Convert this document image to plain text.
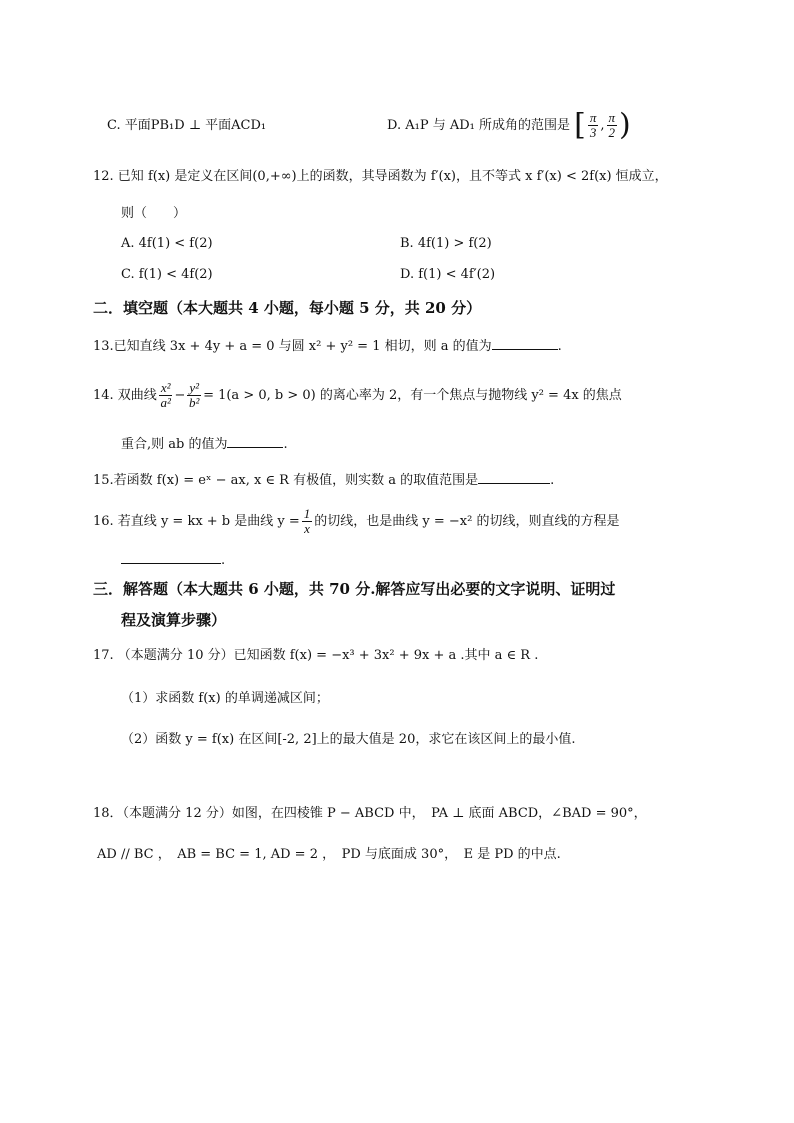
C. 平面PB₁D ⊥ 平面ACD₁	D. A₁P 与 AD₁ 所成角的范围是 [ $\frac{\pi}{3}$ , $\frac{\pi}{2}$ )
12. 已知 f(x) 是定义在区间(0,+∞)上的函数，其导函数为 f′(x)，且不等式 x f′(x) < 2f(x) 恒成立，
则（　　）
A. 4f(1) < f(2)	B. 4f(1) > f(2)
C. f(1) < 4f(2)	D. f(1) < 4f′(2)
二．填空题（本大题共 4 小题，每小题 5 分，共 20 分）
13.已知直线 3x + 4y + a = 0 与圆 x² + y² = 1 相切，则 a 的值为	.
14. 双曲线 $\frac{\text{x²}}{\text{a²}} - \frac{\text{y²}}{\text{b²}} = 1(a > 0$, b > 0) 的离心率为 2，有一个焦点与抛物线 y² = 4x 的焦点
重合,则 ab 的值为	.
15.若函数 f(x) = eˣ − ax, x ∈ R 有极值，则实数 a 的取值范围是	.
16. 若直线 y = kx + b 是曲线 $y = \frac{1}{x}$ 的切线，也是曲线 y = −x² 的切线，则直线的方程是
.
三．解答题（本大题共 6 小题，共 70 分.解答应写出必要的文字说明、证明过
程及演算步骤）
17. （本题满分 10 分）已知函数 f(x) = −x³ + 3x² + 9x + a .其中 a ∈ R .
（1）求函数 f(x) 的单调递减区间；
（2）函数 y = f(x) 在区间[-2, 2]上的最大值是 20，求它在该区间上的最小值.
18．（本题满分 12 分）如图，在四棱锥 P − ABCD 中，　PA ⊥ 底面 ABCD，∠BAD = 90°，
AD // BC ，　AB = BC = 1, AD = 2 ，　PD 与底面成 30°，　E 是 PD 的中点.
